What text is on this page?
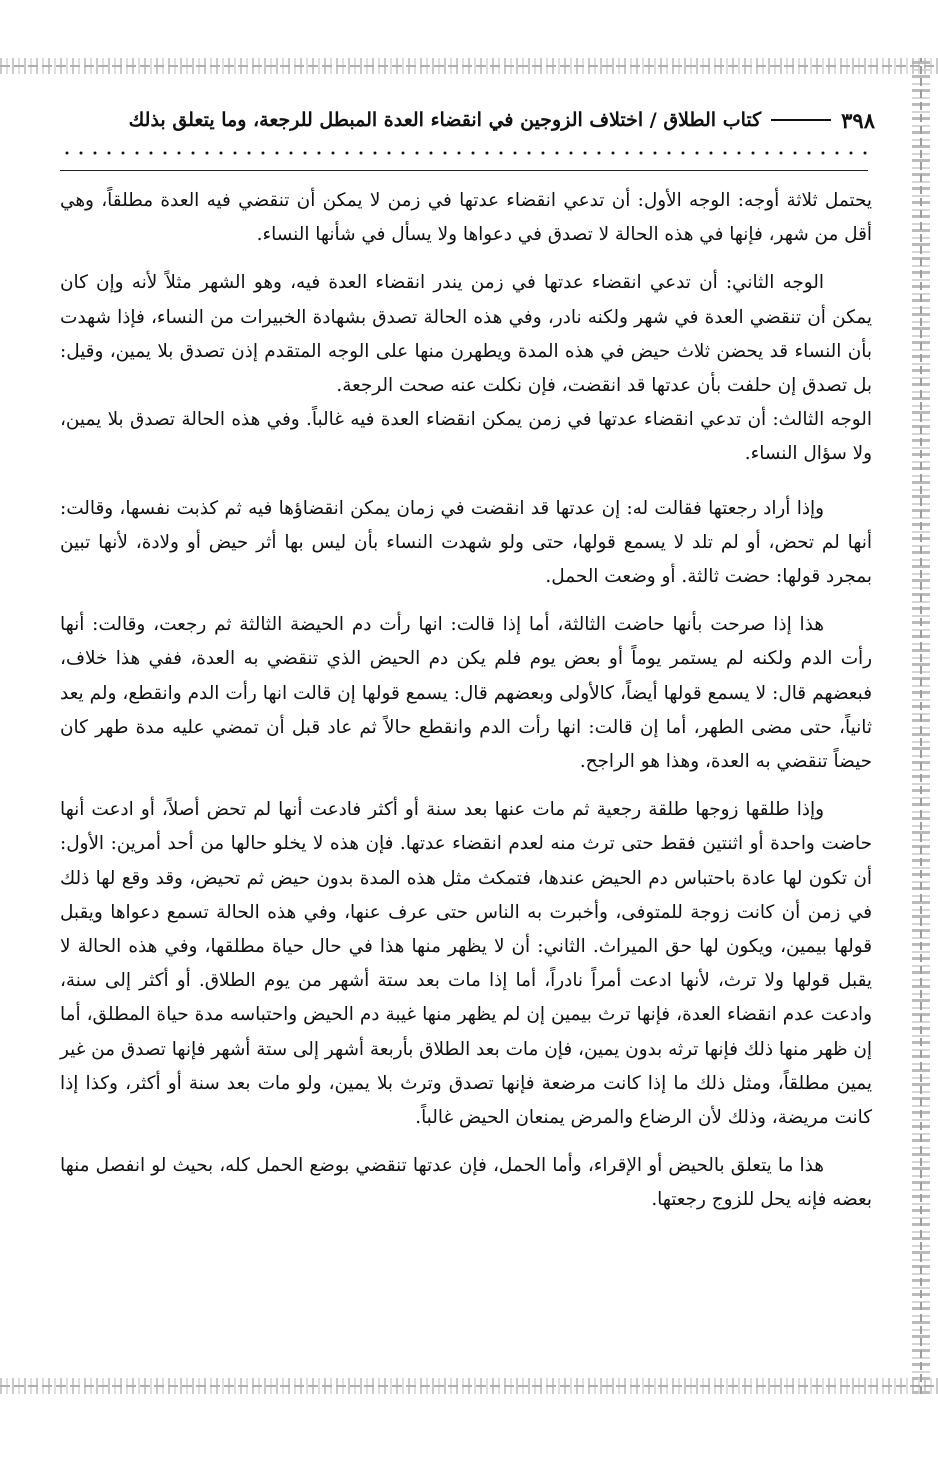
٣٩٨
كتاب الطلاق / اختلاف الزوجين في انقضاء العدة المبطل للرجعة، وما يتعلق بذلك

يحتمل ثلاثة أوجه: الوجه الأول: أن تدعي انقضاء عدتها في زمن لا يمكن أن تنقضي فيه العدة مطلقاً، وهي أقل من شهر، فإنها في هذه الحالة لا تصدق في دعواها ولا يسأل في شأنها النساء.

الوجه الثاني: أن تدعي انقضاء عدتها في زمن يندر انقضاء العدة فيه، وهو الشهر مثلاً لأنه وإن كان يمكن أن تنقضي العدة في شهر ولكنه نادر، وفي هذه الحالة تصدق بشهادة الخبيرات من النساء، فإذا شهدت بأن النساء قد يحضن ثلاث حيض في هذه المدة ويطهرن منها على الوجه المتقدم إذن تصدق بلا يمين، وقيل: بل تصدق إن حلفت بأن عدتها قد انقضت، فإن نكلت عنه صحت الرجعة.

الوجه الثالث: أن تدعي انقضاء عدتها في زمن يمكن انقضاء العدة فيه غالباً. وفي هذه الحالة تصدق بلا يمين، ولا سؤال النساء.

وإذا أراد رجعتها فقالت له: إن عدتها قد انقضت في زمان يمكن انقضاؤها فيه ثم كذبت نفسها، وقالت: أنها لم تحض، أو لم تلد لا يسمع قولها، حتى ولو شهدت النساء بأن ليس بها أثر حيض أو ولادة، لأنها تبين بمجرد قولها: حضت ثالثة. أو وضعت الحمل.

هذا إذا صرحت بأنها حاضت الثالثة، أما إذا قالت: انها رأت دم الحيضة الثالثة ثم رجعت، وقالت: أنها رأت الدم ولكنه لم يستمر يوماً أو بعض يوم فلم يكن دم الحيض الذي تنقضي به العدة، ففي هذا خلاف، فبعضهم قال: لا يسمع قولها أيضاً، كالأولى وبعضهم قال: يسمع قولها إن قالت انها رأت الدم وانقطع، ولم يعد ثانياً، حتى مضى الطهر، أما إن قالت: انها رأت الدم وانقطع حالاً ثم عاد قبل أن تمضي عليه مدة طهر كان حيضاً تنقضي به العدة، وهذا هو الراجح.

وإذا طلقها زوجها طلقة رجعية ثم مات عنها بعد سنة أو أكثر فادعت أنها لم تحض أصلاً، أو ادعت أنها حاضت واحدة أو اثنتين فقط حتى ترث منه لعدم انقضاء عدتها. فإن هذه لا يخلو حالها من أحد أمرين: الأول: أن تكون لها عادة باحتباس دم الحيض عندها، فتمكث مثل هذه المدة بدون حيض ثم تحيض، وقد وقع لها ذلك في زمن أن كانت زوجة للمتوفى، وأخبرت به الناس حتى عرف عنها، وفي هذه الحالة تسمع دعواها ويقبل قولها بيمين، ويكون لها حق الميراث. الثاني: أن لا يظهر منها هذا في حال حياة مطلقها، وفي هذه الحالة لا يقبل قولها ولا ترث، لأنها ادعت أمراً نادراً، أما إذا مات بعد ستة أشهر من يوم الطلاق. أو أكثر إلى سنة، وادعت عدم انقضاء العدة، فإنها ترث بيمين إن لم يظهر منها غيبة دم الحيض واحتباسه مدة حياة المطلق، أما إن ظهر منها ذلك فإنها ترثه بدون يمين، فإن مات بعد الطلاق بأربعة أشهر إلى ستة أشهر فإنها تصدق من غير يمين مطلقاً، ومثل ذلك ما إذا كانت مرضعة فإنها تصدق وترث بلا يمين، ولو مات بعد سنة أو أكثر، وكذا إذا كانت مريضة، وذلك لأن الرضاع والمرض يمنعان الحيض غالباً.

هذا ما يتعلق بالحيض أو الإقراء، وأما الحمل، فإن عدتها تنقضي بوضع الحمل كله، بحيث لو انفصل منها بعضه فإنه يحل للزوج رجعتها.
